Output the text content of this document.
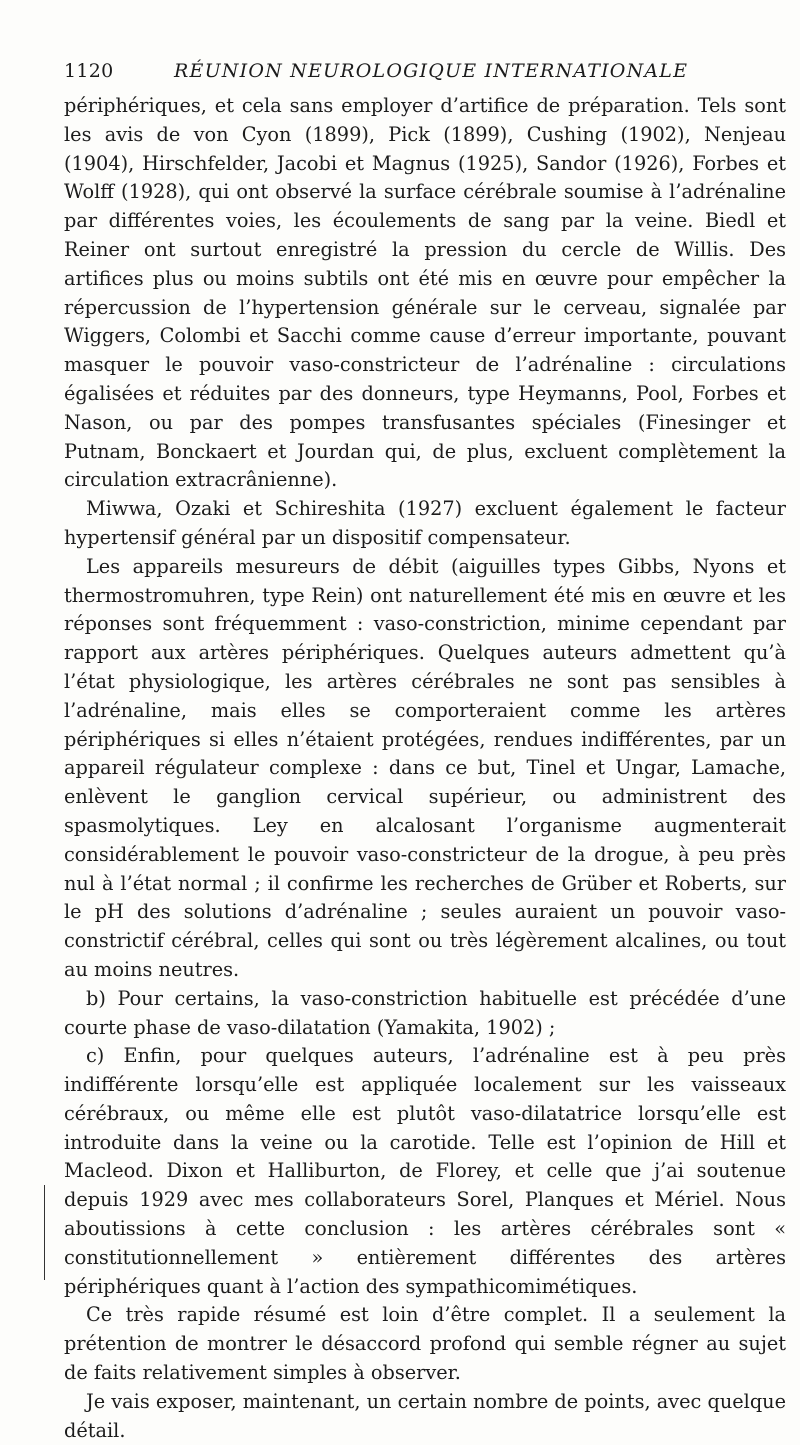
1120	RÉUNION NEUROLOGIQUE INTERNATIONALE

périphériques, et cela sans employer d’artifice de préparation. Tels sont les avis de von Cyon (1899), Pick (1899), Cushing (1902), Nenjeau (1904), Hirschfelder, Jacobi et Magnus (1925), Sandor (1926), Forbes et Wolff (1928), qui ont observé la surface cérébrale soumise à l’adrénaline par différentes voies, les écoulements de sang par la veine. Biedl et Reiner ont surtout enregistré la pression du cercle de Willis. Des artifices plus ou moins subtils ont été mis en œuvre pour empêcher la répercussion de l’hypertension générale sur le cerveau, signalée par Wiggers, Colombi et Sacchi comme cause d’erreur importante, pouvant masquer le pouvoir vaso-constricteur de l’adrénaline : circulations égalisées et réduites par des donneurs, type Heymanns, Pool, Forbes et Nason, ou par des pompes transfusantes spéciales (Finesinger et Putnam, Bonckaert et Jourdan qui, de plus, excluent complètement la circulation extracrânienne).

Miwwa, Ozaki et Schireshita (1927) excluent également le facteur hypertensif général par un dispositif compensateur.

Les appareils mesureurs de débit (aiguilles types Gibbs, Nyons et thermostromuhren, type Rein) ont naturellement été mis en œuvre et les réponses sont fréquemment : vaso-constriction, minime cependant par rapport aux artères périphériques. Quelques auteurs admettent qu’à l’état physiologique, les artères cérébrales ne sont pas sensibles à l’adrénaline, mais elles se comporteraient comme les artères périphériques si elles n’étaient protégées, rendues indifférentes, par un appareil régulateur complexe : dans ce but, Tinel et Ungar, Lamache, enlèvent le ganglion cervical supérieur, ou administrent des spasmolytiques. Ley en alcalosant l’organisme augmenterait considérablement le pouvoir vaso-constricteur de la drogue, à peu près nul à l’état normal ; il confirme les recherches de Grüber et Roberts, sur le pH des solutions d’adrénaline ; seules auraient un pouvoir vaso-constrictif cérébral, celles qui sont ou très légèrement alcalines, ou tout au moins neutres.

b) Pour certains, la vaso-constriction habituelle est précédée d’une courte phase de vaso-dilatation (Yamakita, 1902) ;

c) Enfin, pour quelques auteurs, l’adrénaline est à peu près indifférente lorsqu’elle est appliquée localement sur les vaisseaux cérébraux, ou même elle est plutôt vaso-dilatatrice lorsqu’elle est introduite dans la veine ou la carotide. Telle est l’opinion de Hill et Macleod. Dixon et Halliburton, de Florey, et celle que j’ai soutenue depuis 1929 avec mes collaborateurs Sorel, Planques et Mériel. Nous aboutissions à cette conclusion : les artères cérébrales sont « constitutionnellement » entièrement différentes des artères périphériques quant à l’action des sympathicomimétiques.

Ce très rapide résumé est loin d’être complet. Il a seulement la prétention de montrer le désaccord profond qui semble régner au sujet de faits relativement simples à observer.

Je vais exposer, maintenant, un certain nombre de points, avec quelque détail.
